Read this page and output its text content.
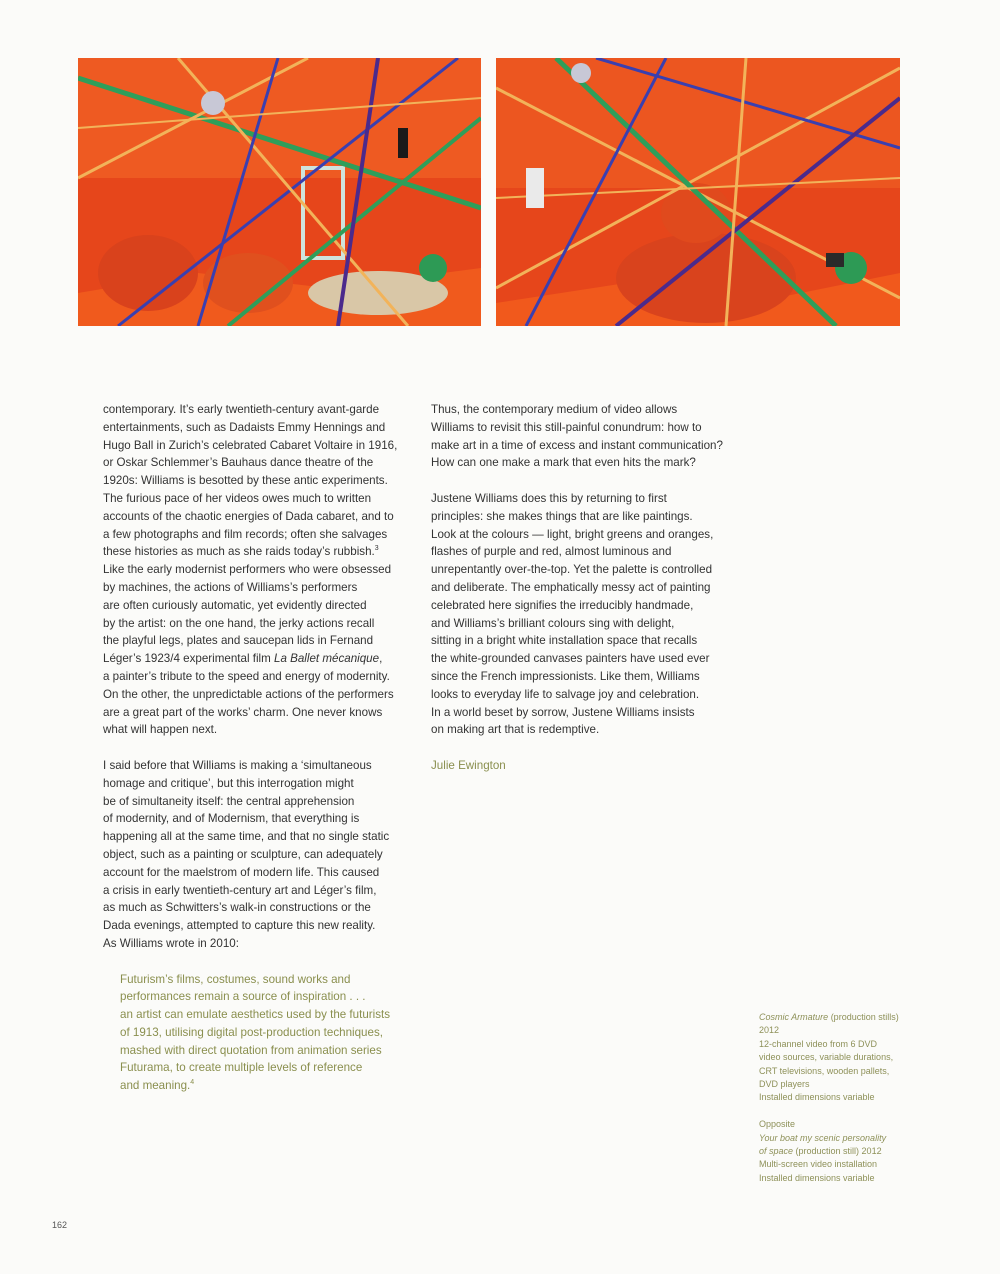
contemporary. It’s early twentieth-century avant-garde
entertainments, such as Dadaists Emmy Hennings and
Hugo Ball in Zurich’s celebrated Cabaret Voltaire in 1916,
or Oskar Schlemmer’s Bauhaus dance theatre of the
1920s: Williams is besotted by these antic experiments.
The furious pace of her videos owes much to written
accounts of the chaotic energies of Dada cabaret, and to
a few photographs and film records; often she salvages
these histories as much as she raids today’s rubbish.$^3$
Like the early modernist performers who were obsessed
by machines, the actions of Williams’s performers
are often curiously automatic, yet evidently directed
by the artist: on the one hand, the jerky actions recall
the playful legs, plates and saucepan lids in Fernand
Léger’s 1923/4 experimental film La Ballet mécanique,
a painter’s tribute to the speed and energy of modernity.
On the other, the unpredictable actions of the performers
are a great part of the works’ charm. One never knows
what will happen next.

I said before that Williams is making a ‘simultaneous
homage and critique’, but this interrogation might
be of simultaneity itself: the central apprehension
of modernity, and of Modernism, that everything is
happening all at the same time, and that no single static
object, such as a painting or sculpture, can adequately
account for the maelstrom of modern life. This caused
a crisis in early twentieth-century art and Léger’s film,
as much as Schwitters’s walk-in constructions or the
Dada evenings, attempted to capture this new reality.
As Williams wrote in 2010:

Futurism’s films, costumes, sound works and
performances remain a source of inspiration . . .
an artist can emulate aesthetics used by the futurists
of 1913, utilising digital post-production techniques,
mashed with direct quotation from animation series
Futurama, to create multiple levels of reference
and meaning.$^4$

Thus, the contemporary medium of video allows
Williams to revisit this still-painful conundrum: how to
make art in a time of excess and instant communication?
How can one make a mark that even hits the mark?

Justene Williams does this by returning to first
principles: she makes things that are like paintings.
Look at the colours — light, bright greens and oranges,
flashes of purple and red, almost luminous and
unrepentantly over-the-top. Yet the palette is controlled
and deliberate. The emphatically messy act of painting
celebrated here signifies the irreducibly handmade,
and Williams’s brilliant colours sing with delight,
sitting in a bright white installation space that recalls
the white-grounded canvases painters have used ever
since the French impressionists. Like them, Williams
looks to everyday life to salvage joy and celebration.
In a world beset by sorrow, Justene Williams insists
on making art that is redemptive.

Julie Ewington

Cosmic Armature (production stills)
2012
12-channel video from 6 DVD
video sources, variable durations,
CRT televisions, wooden pallets,
DVD players
Installed dimensions variable
Opposite
Your boat my scenic personality
of space (production still) 2012
Multi-screen video installation
Installed dimensions variable
162
